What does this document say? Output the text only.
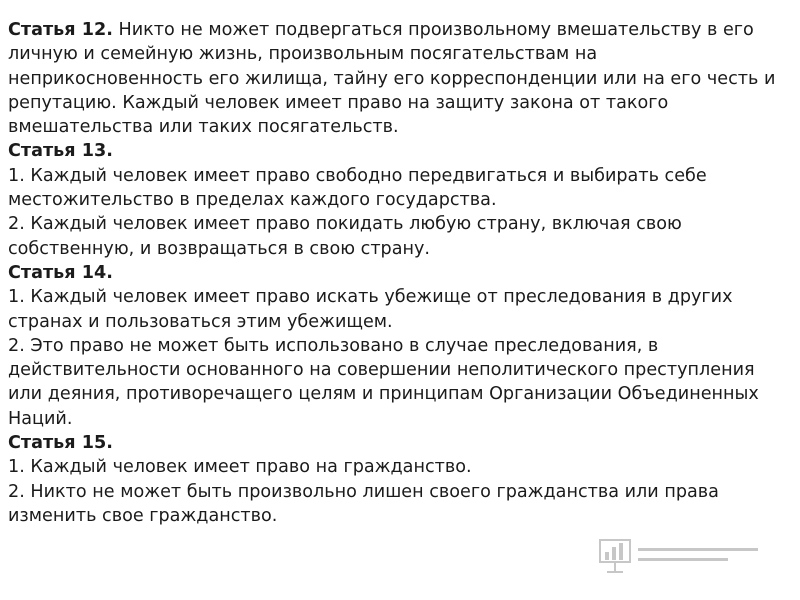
Статья 12. Никто не может подвергаться произвольному вмешательству в его
личную и семейную жизнь, произвольным посягательствам на
неприкосновенность его жилища, тайну его корреспонденции или на его честь и
репутацию. Каждый человек имеет право на защиту закона от такого
вмешательства или таких посягательств.
Статья 13.
1. Каждый человек имеет право свободно передвигаться и выбирать себе
местожительство в пределах каждого государства.
2. Каждый человек имеет право покидать любую страну, включая свою
собственную, и возвращаться в свою страну.
Статья 14.
1. Каждый человек имеет право искать убежище от преследования в других
странах и пользоваться этим убежищем.
2. Это право не может быть использовано в случае преследования, в
действительности основанного на совершении неполитического преступления
или деяния, противоречащего целям и принципам Организации Объединенных
Наций.
Статья 15.
1. Каждый человек имеет право на гражданство.
2. Никто не может быть произвольно лишен своего гражданства или права
изменить свое гражданство.
